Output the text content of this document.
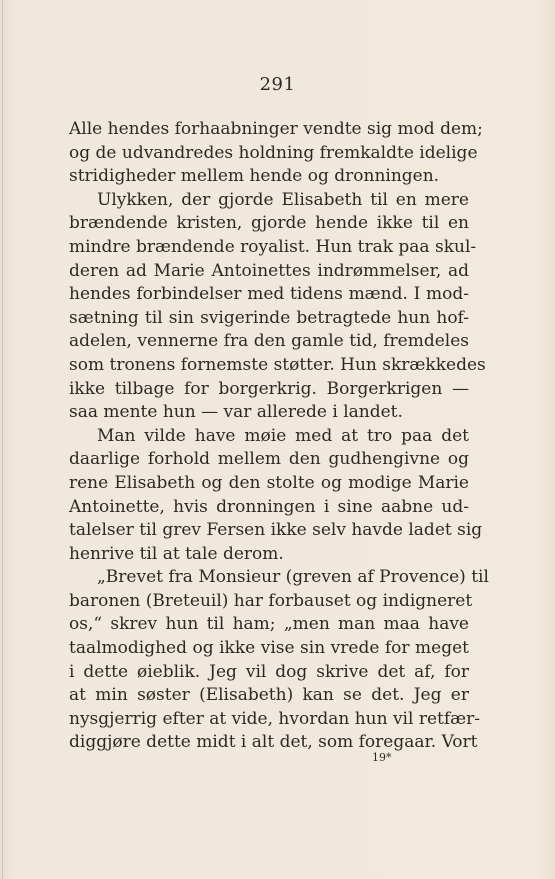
291
Alle hendes forhaabninger vendte sig mod dem;
og de udvandredes holdning fremkaldte idelige
stridigheder mellem hende og dronningen.
Ulykken, der gjorde Elisabeth til en mere
brændende kristen, gjorde hende ikke til en
mindre brændende royalist. Hun trak paa skul-
deren ad Marie Antoinettes indrømmelser, ad
hendes forbindelser med tidens mænd. I mod-
sætning til sin svigerinde betragtede hun hof-
adelen, vennerne fra den gamle tid, fremdeles
som tronens fornemste støtter. Hun skrækkedes
ikke tilbage for borgerkrig. Borgerkrigen —
saa mente hun — var allerede i landet.
Man vilde have møie med at tro paa det
daarlige forhold mellem den gudhengivne og
rene Elisabeth og den stolte og modige Marie
Antoinette, hvis dronningen i sine aabne ud-
talelser til grev Fersen ikke selv havde ladet sig
henrive til at tale derom.
„Brevet fra Monsieur (greven af Provence) til
baronen (Breteuil) har forbauset og indigneret
os,“ skrev hun til ham; „men man maa have
taalmodighed og ikke vise sin vrede for meget
i dette øieblik. Jeg vil dog skrive det af, for
at min søster (Elisabeth) kan se det. Jeg er
nysgjerrig efter at vide, hvordan hun vil retfær-
diggjøre dette midt i alt det, som foregaar. Vort
19*
